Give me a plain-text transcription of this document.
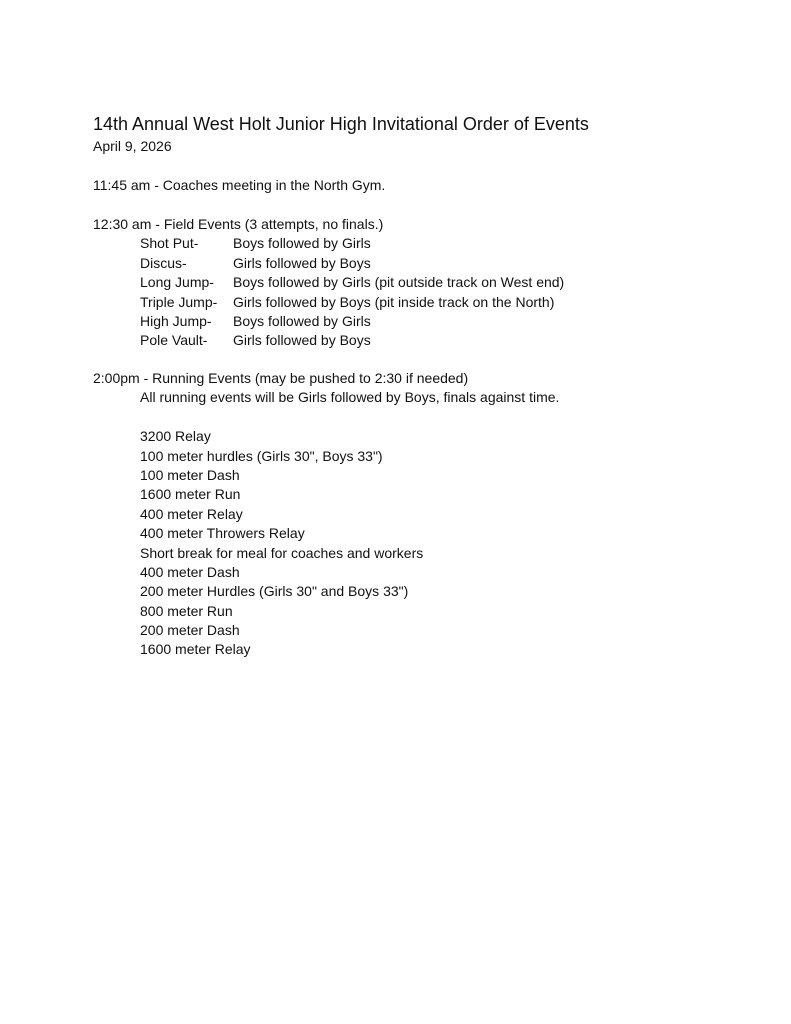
14th Annual West Holt Junior High Invitational Order of Events
April 9, 2026
11:45 am - Coaches meeting in the North Gym.
12:30 am - Field Events (3 attempts, no finals.)
Shot Put-	Boys followed by Girls
Discus-	Girls followed by Boys
Long Jump-	Boys followed by Girls (pit outside track on West end)
Triple Jump-	Girls followed by Boys (pit inside track on the North)
High Jump-	Boys followed by Girls
Pole Vault-	Girls followed by Boys
2:00pm - Running Events (may be pushed to 2:30 if needed)
All running events will be Girls followed by Boys, finals against time.
3200 Relay
100 meter hurdles (Girls 30", Boys 33")
100 meter Dash
1600 meter Run
400 meter Relay
400 meter Throwers Relay
Short break for meal for coaches and workers
400 meter Dash
200 meter Hurdles (Girls 30" and Boys 33")
800 meter Run
200 meter Dash
1600 meter Relay
